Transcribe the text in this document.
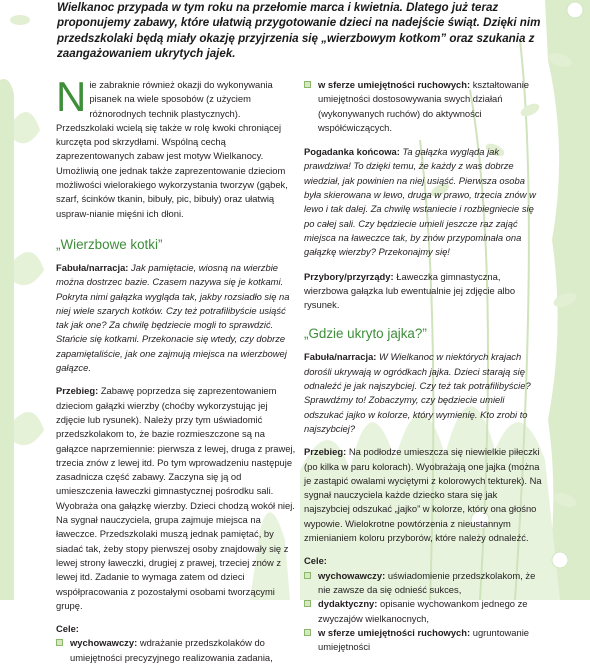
Wielkanoc przypada w tym roku na przełomie marca i kwietnia. Dlatego już teraz proponujemy zabawy, które ułatwią przygotowanie dzieci na nadejście świąt. Dzięki nim przedszkolaki będą miały okazję przyjrzenia się „wierzbowym kotkom” oraz szukania z zaangażowaniem ukrytych jajek.

Nie zabraknie również okazji do wykonywania pisanek na wiele sposobów (z użyciem różnorodnych technik plastycznych). Przedszkolaki wcielą się także w rolę kwoki chroniącej kurczęta pod skrzydłami. Wspólną cechą zaprezentowanych zabaw jest motyw Wielkanocy. Umożliwią one jednak także zaprezentowanie dzieciom możliwości wielorakiego wykorzystania tworzyw (gąbek, szarf, ścinków tkanin, bibuły, pic, bibuły) oraz ułatwią uspraw-nianie mięśni ich dłoni.

„Wierzbowe kotki”

Fabuła/narracja: Jak pamiętacie, wiosną na wierzbie można dostrzec bazie. Czasem nazywa się je kotkami. Pokryta nimi gałązka wygląda tak, jakby rozsiadło się na niej wiele szarych kotków. Czy też potrafilibyście usiąść tak jak one? Za chwilę będziecie mogli to sprawdzić. Stańcie się kotkami. Przekonacie się wtedy, czy dobrze zapamiętaliście, jak one zajmują miejsca na wierzbowej gałązce.

Przebieg: Zabawę poprzedza się zaprezentowaniem dzieciom gałązki wierzby (choćby wykorzystując jej zdjęcie lub rysunek). Należy przy tym uświadomić przedszkolakom to, że bazie rozmieszczone są na gałązce naprzemiennie: pierwsza z lewej, druga z prawej, trzecia znów z lewej itd. Po tym wprowadzeniu następuje zasadnicza część zabawy. Zaczyna się ją od umieszczenia ławeczki gimnastycznej pośrodku sali. Wyobraża ona gałązkę wierzby. Dzieci chodzą wokół niej. Na sygnał nauczyciela, grupa zajmuje miejsca na ławeczce. Przedszkolaki muszą jednak pamiętać, by siadać tak, żeby stopy pierwszej osoby znajdowały się z lewej strony ławeczki, drugiej z prawej, trzeciej znów z lewej itd. Zadanie to wymaga zatem od dzieci współpracowania z pozostałymi osobami tworzącymi grupę.

Cele:

wychowawczy: wdrażanie przedszkolaków do umiejętności precyzyjnego realizowania zadania,
w sferze umiejętności ruchowych: kształtowanie umiejętności dostosowywania swych działań (wykonywanych ruchów) do aktywności współćwiczących.

Pogadanka końcowa: Ta gałązka wygląda jak prawdziwa! To dzięki temu, że każdy z was dobrze wiedział, jak powinien na niej usiąść. Pierwsza osoba była skierowana w lewo, druga w prawo, trzecia znów w lewo i tak dalej. Za chwilę wstaniecie i rozbiegniecie się po całej sali. Czy będziecie umieli jeszcze raz zająć miejsca na ławeczce tak, by znów przypominała ona gałązkę wierzby? Przekonajmy się!

Przybory/przyrządy: Ławeczka gimnastyczna, wierzbowa gałązka lub ewentualnie jej zdjęcie albo rysunek.

„Gdzie ukryto jajka?”

Fabuła/narracja: W Wielkanoc w niektórych krajach dorośli ukrywają w ogródkach jajka. Dzieci starają się odnaleźć je jak najszybciej. Czy też tak potrafilibyście? Sprawdźmy to! Zobaczymy, czy będziecie umieli odszukać jajko w kolorze, który wymienię. Kto zrobi to najszybciej?

Przebieg: Na podłodze umieszcza się niewielkie piłeczki (po kilka w paru kolorach). Wyobrażają one jajka (można je zastąpić owalami wyciętymi z kolorowych tekturek). Na sygnał nauczyciela każde dziecko stara się jak najszybciej odszukać „jajko” w kolorze, który ona głośno wypowie. Wielokrotne powtórzenia z nieustannym zmienianiem koloru przyborów, które należy odnaleźć.

Cele:

wychowawczy: uświadomienie przedszkolakom, że nie zawsze da się odnieść sukces,
dydaktyczny: opisanie wychowankom jednego ze zwyczajów wielkanocnych,
w sferze umiejętności ruchowych: ugruntowanie umiejętności
